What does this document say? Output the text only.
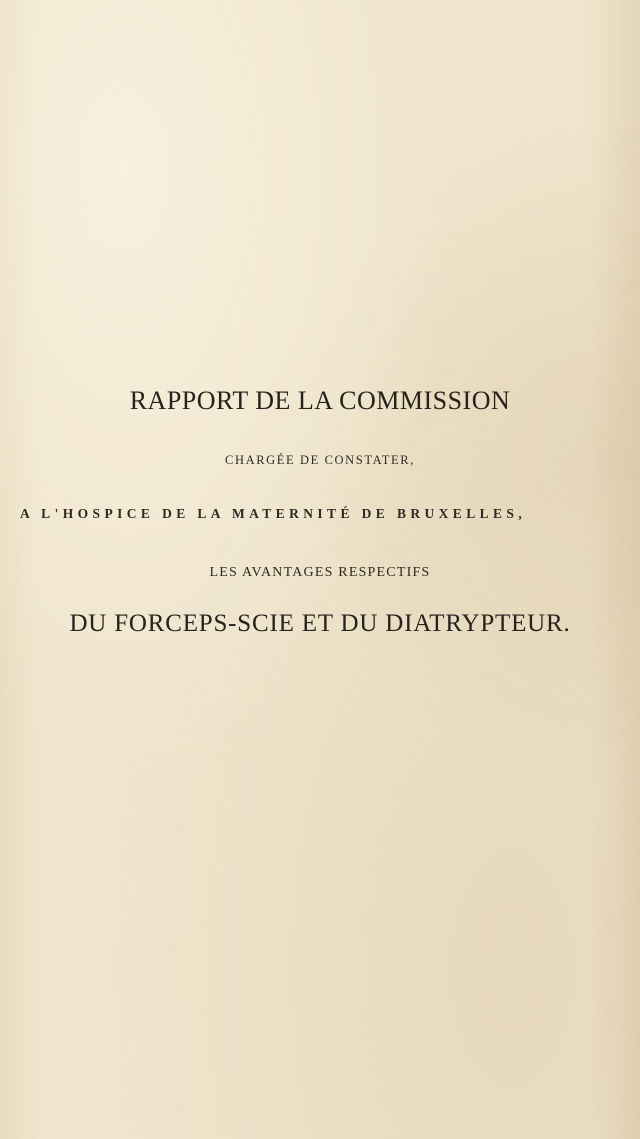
RAPPORT DE LA COMMISSION
CHARGÉE DE CONSTATER,
A L'HOSPICE DE LA MATERNITÉ DE BRUXELLES,
LES AVANTAGES RESPECTIFS
DU FORCEPS-SCIE ET DU DIATRYPTEUR.
